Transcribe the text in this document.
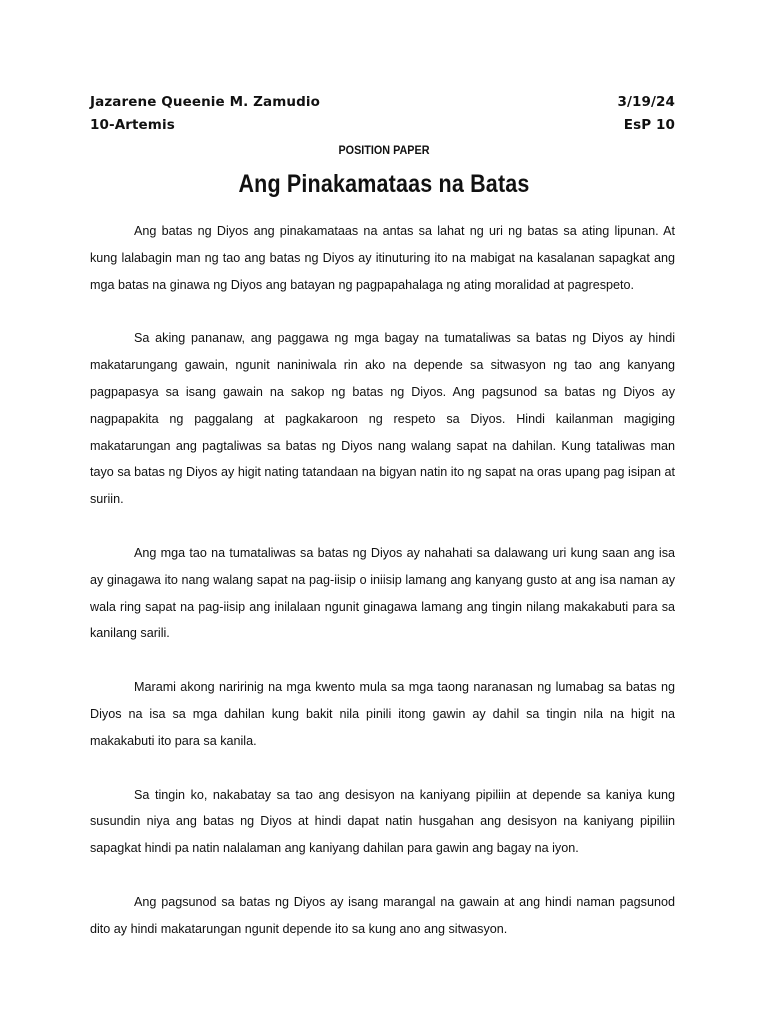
Jazarene Queenie M. Zamudio	3/19/24
10-Artemis	EsP 10
POSITION PAPER
Ang Pinakamataas na Batas

Ang batas ng Diyos ang pinakamataas na antas sa lahat ng uri ng batas sa ating lipunan. At kung lalabagin man ng tao ang batas ng Diyos ay itinuturing ito na mabigat na kasalanan sapagkat ang mga batas na ginawa ng Diyos ang batayan ng pagpapahalaga ng ating moralidad at pagrespeto.

Sa aking pananaw, ang paggawa ng mga bagay na tumataliwas sa batas ng Diyos ay hindi makatarungang gawain, ngunit naniniwala rin ako na depende sa sitwasyon ng tao ang kanyang pagpapasya sa isang gawain na sakop ng batas ng Diyos. Ang pagsunod sa batas ng Diyos ay nagpapakita ng paggalang at pagkakaroon ng respeto sa Diyos. Hindi kailanman magiging makatarungan ang pagtaliwas sa batas ng Diyos nang walang sapat na dahilan. Kung tataliwas man tayo sa batas ng Diyos ay higit nating tatandaan na bigyan natin ito ng sapat na oras upang pag isipan at suriin.

Ang mga tao na tumataliwas sa batas ng Diyos ay nahahati sa dalawang uri kung saan ang isa ay ginagawa ito nang walang sapat na pag-iisip o iniisip lamang ang kanyang gusto at ang isa naman ay wala ring sapat na pag-iisip ang inilalaan ngunit ginagawa lamang ang tingin nilang makakabuti para sa kanilang sarili.

Marami akong naririnig na mga kwento mula sa mga taong naranasan ng lumabag sa batas ng Diyos na isa sa mga dahilan kung bakit nila pinili itong gawin ay dahil sa tingin nila na higit na makakabuti ito para sa kanila.

Sa tingin ko, nakabatay sa tao ang desisyon na kaniyang pipiliin at depende sa kaniya kung susundin niya ang batas ng Diyos at hindi dapat natin husgahan ang desisyon na kaniyang pipiliin sapagkat hindi pa natin nalalaman ang kaniyang dahilan para gawin ang bagay na iyon.

Ang pagsunod sa batas ng Diyos ay isang marangal na gawain at ang hindi naman pagsunod dito ay hindi makatarungan ngunit depende ito sa kung ano ang sitwasyon.
